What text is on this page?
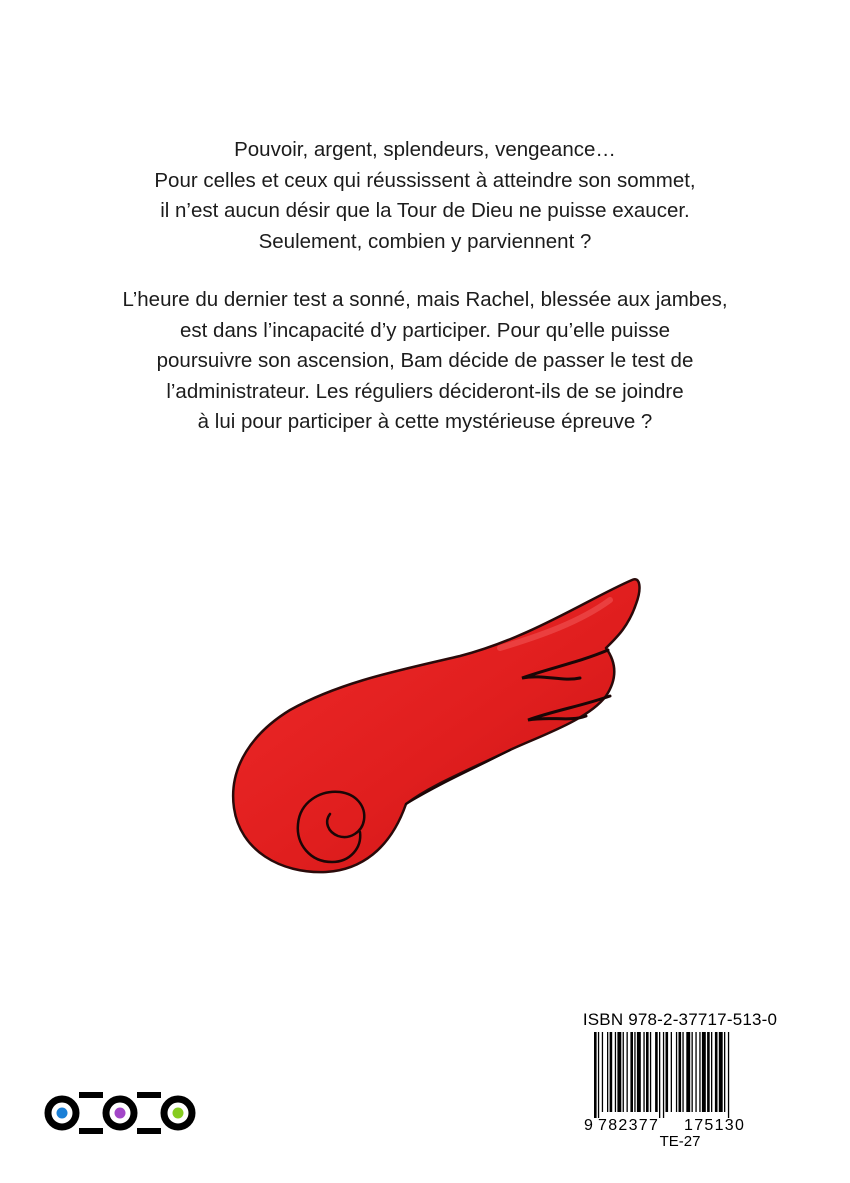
Pouvoir, argent, splendeurs, vengeance…
Pour celles et ceux qui réussissent à atteindre son sommet,
il n’est aucun désir que la Tour de Dieu ne puisse exaucer.
Seulement, combien y parviennent ?
L’heure du dernier test a sonné, mais Rachel, blessée aux jambes,
est dans l’incapacité d’y participer. Pour qu’elle puisse
poursuivre son ascension, Bam décide de passer le test de
l’administrateur. Les réguliers décideront-ils de se joindre
à lui pour participer à cette mystérieuse épreuve ?
ISBN 978-2-37717-513-0
9 782377 175130
TE-27
